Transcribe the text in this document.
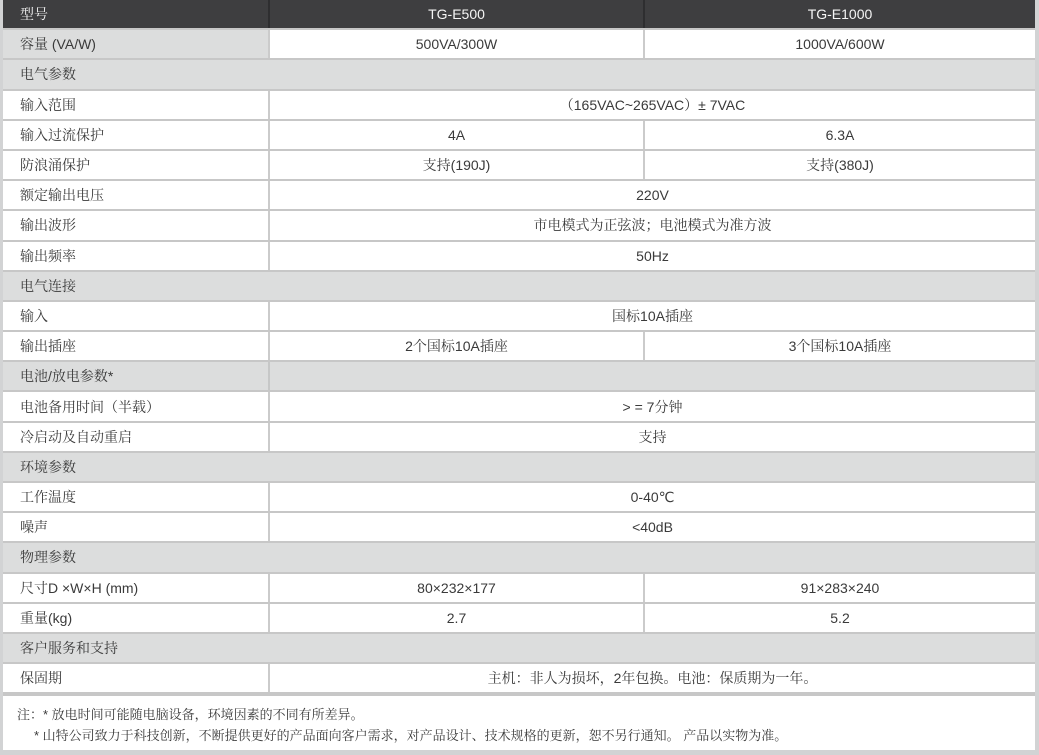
型号	TG-E500	TG-E1000
容量 (VA/W)	500VA/300W	1000VA/600W
电气参数
输入范围	（165VAC~265VAC）± 7VAC
输入过流保护	4A	6.3A
防浪涌保护	支持(190J)	支持(380J)
额定输出电压	220V
输出波形	市电模式为正弦波；电池模式为准方波
输出频率	50Hz
电气连接
输入	国标10A插座
输出插座	2个国标10A插座	3个国标10A插座
电池/放电参数*
电池备用时间（半载）	> = 7分钟
冷启动及自动重启	支持
环境参数
工作温度	0-40℃
噪声	<40dB
物理参数
尺寸D ×W×H (mm)	80×232×177	91×283×240
重量(kg)	2.7	5.2
客户服务和支持
保固期	主机：非人为损坏，2年包换。电池：保质期为一年。
注：* 放电时间可能随电脑设备，环境因素的不同有所差异。
* 山特公司致力于科技创新，不断提供更好的产品面向客户需求，对产品设计、技术规格的更新，恕不另行通知。 产品以实物为准。
